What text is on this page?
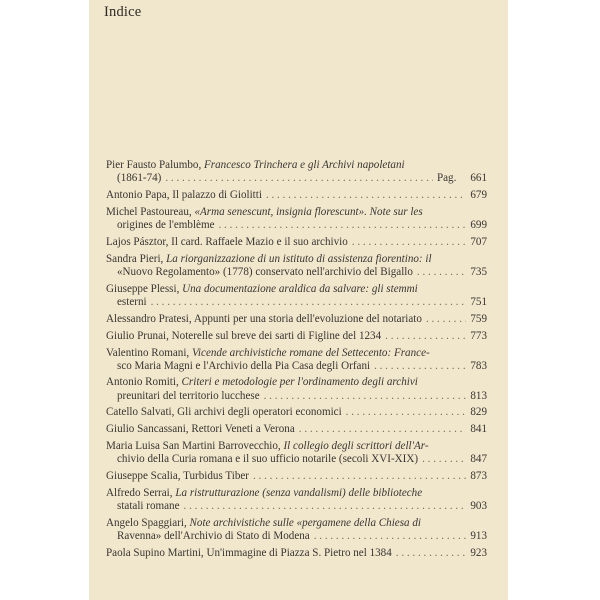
Indice

Pier Fausto Palumbo, Francesco Trinchera e gli Archivi napoletani

(1861-74) . . .	Pag. 661
Antonio Papa, Il palazzo di Giolitti . . .	679

Michel Pastoureau, «Arma senescunt, insignia florescunt». Note sur les

origines de l'emblème . . .	699
Lajos Pásztor, Il card. Raffaele Mazio e il suo archivio . . .	707

Sandra Pieri, La riorganizzazione di un istituto di assistenza fiorentino: il

«Nuovo Regolamento» (1778) conservato nell'archivio del Bigallo . . .	735

Giuseppe Plessi, Una documentazione araldica da salvare: gli stemmi

esterni . . .	751
Alessandro Pratesi, Appunti per una storia dell'evoluzione del notariato . . .	759
Giulio Prunai, Noterelle sul breve dei sarti di Figline del 1234 . . .	773

Valentino Romani, Vicende archivistiche romane del Settecento: France-

sco Maria Magni e l'Archivio della Pia Casa degli Orfani . . .	783

Antonio Romiti, Criteri e metodologie per l'ordinamento degli archivi

preunitari del territorio lucchese . . .	813
Catello Salvati, Gli archivi degli operatori economici . . .	829
Giulio Sancassani, Rettori Veneti a Verona . . .	841

Maria Luisa San Martini Barrovecchio, Il collegio degli scrittori dell'Ar-

chivio della Curia romana e il suo ufficio notarile (secoli XVI-XIX) . . .	847
Giuseppe Scalia, Turbidus Tiber . . .	873

Alfredo Serrai, La ristrutturazione (senza vandalismi) delle biblioteche

statali romane . . .	903

Angelo Spaggiari, Note archivistiche sulle «pergamene della Chiesa di

Ravenna» dell'Archivio di Stato di Modena . . .	913
Paola Supino Martini, Un'immagine di Piazza S. Pietro nel 1384 . . .	923
